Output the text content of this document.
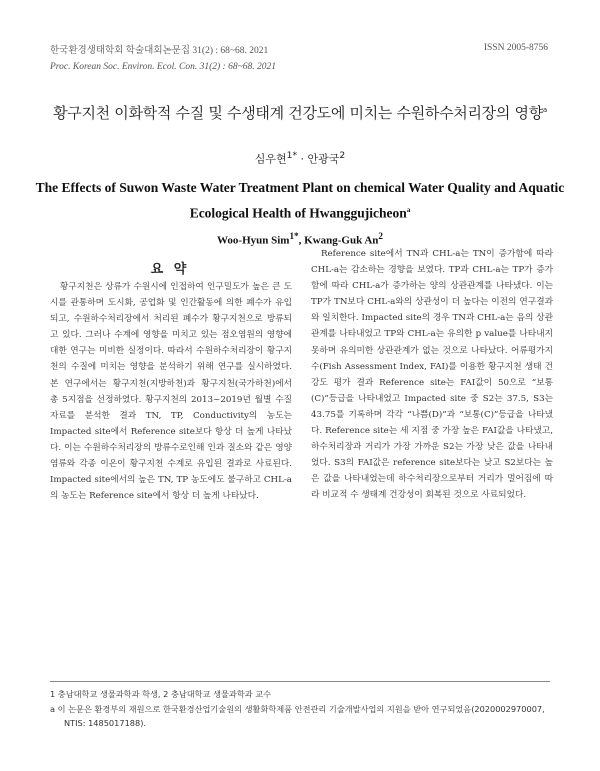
한국환경생태학회 학술대회논문집 31(2) : 68~68. 2021
Proc. Korean Soc. Environ. Ecol. Con. 31(2) : 68~68. 2021
ISSN 2005-8756
황구지천 이화학적 수질 및 수생태계 건강도에 미치는 수원하수처리장의 영향$^a$
심우현$^{1*}$ · 안광국$^2$
The Effects of Suwon Waste Water Treatment Plant on chemical Water Quality and Aquatic Ecological Health of Hwanggujicheon$^a$
Woo-Hyun Sim$^{1*}$, Kwang-Guk An$^2$
요 약

황구지천은 상류가 수원시에 인접하여 인구밀도가 높은 큰 도시를 관통하며 도시화, 공업화 및 인간활동에 의한 폐수가 유입되고, 수원하수처리장에서 처리된 폐수가 황구지천으로 방류되고 있다. 그러나 수계에 영향을 미치고 있는 점오염원의 영향에 대한 연구는 미비한 실정이다. 따라서 수원하수처리장이 황구지천의 수질에 미치는 영향을 분석하기 위해 연구를 실시하였다. 본 연구에서는 황구지천(지방하천)과 황구지천(국가하천)에서 총 5지점을 선정하였다. 황구지천의 2013~2019년 월별 수질자료를 분석한 결과 TN, TP, Conductivity의 농도는 Impacted site에서 Reference site보다 항상 더 높게 나타났다. 이는 수원하수처리장의 방류수로인해 인과 질소와 같은 영양염류와 각종 이온이 황구지천 수계로 유입된 결과로 사료된다. Impacted site에서의 높은 TN, TP 농도에도 불구하고 CHL-a의 농도는 Reference site에서 항상 더 높게 나타났다.

Reference site에서 TN과 CHL-a는 TN이 증가함에 따라 CHL-a는 감소하는 경향을 보였다. TP과 CHL-a는 TP가 증가함에 따라 CHL-a가 증가하는 양의 상관관계를 나타냈다. 이는 TP가 TN보다 CHL-a와의 상관성이 더 높다는 이전의 연구결과와 일치한다. Impacted site의 경우 TN과 CHL-a는 음의 상관관계를 나타내었고 TP와 CHL-a는 유의한 p value를 나타내지 못하며 유의미한 상관관계가 없는 것으로 나타났다. 어류평가지수(Fish Assessment Index, FAI)를 이용한 황구지천 생태 건강도 평가 결과 Reference site는 FAI값이 50으로 “보통(C)”등급을 나타내었고 Impacted site 중 S2는 37.5, S3는 43.75를 기록하며 각각 “나쁨(D)”과 “보통(C)”등급을 나타냈다. Reference site는 세 지점 중 가장 높은 FAI값을 나타냈고, 하수처리장과 거리가 가장 가까운 S2는 가장 낮은 값을 나타내었다. S3의 FAI값은 reference site보다는 낮고 S2보다는 높은 값을 나타내었는데 하수처리장으로부터 거리가 멀어짐에 따라 비교적 수 생태계 건강성이 회복된 것으로 사료되었다.

1 충남대학교 생물과학과 학생, 2 충남대학교 생물과학과 교수
a 이 논문은 환경부의 재원으로 한국환경산업기술원의 생활화학제품 안전관리 기술개발사업의 지원을 받아 연구되었음(2020002970007,
NTIS: 1485017188).
